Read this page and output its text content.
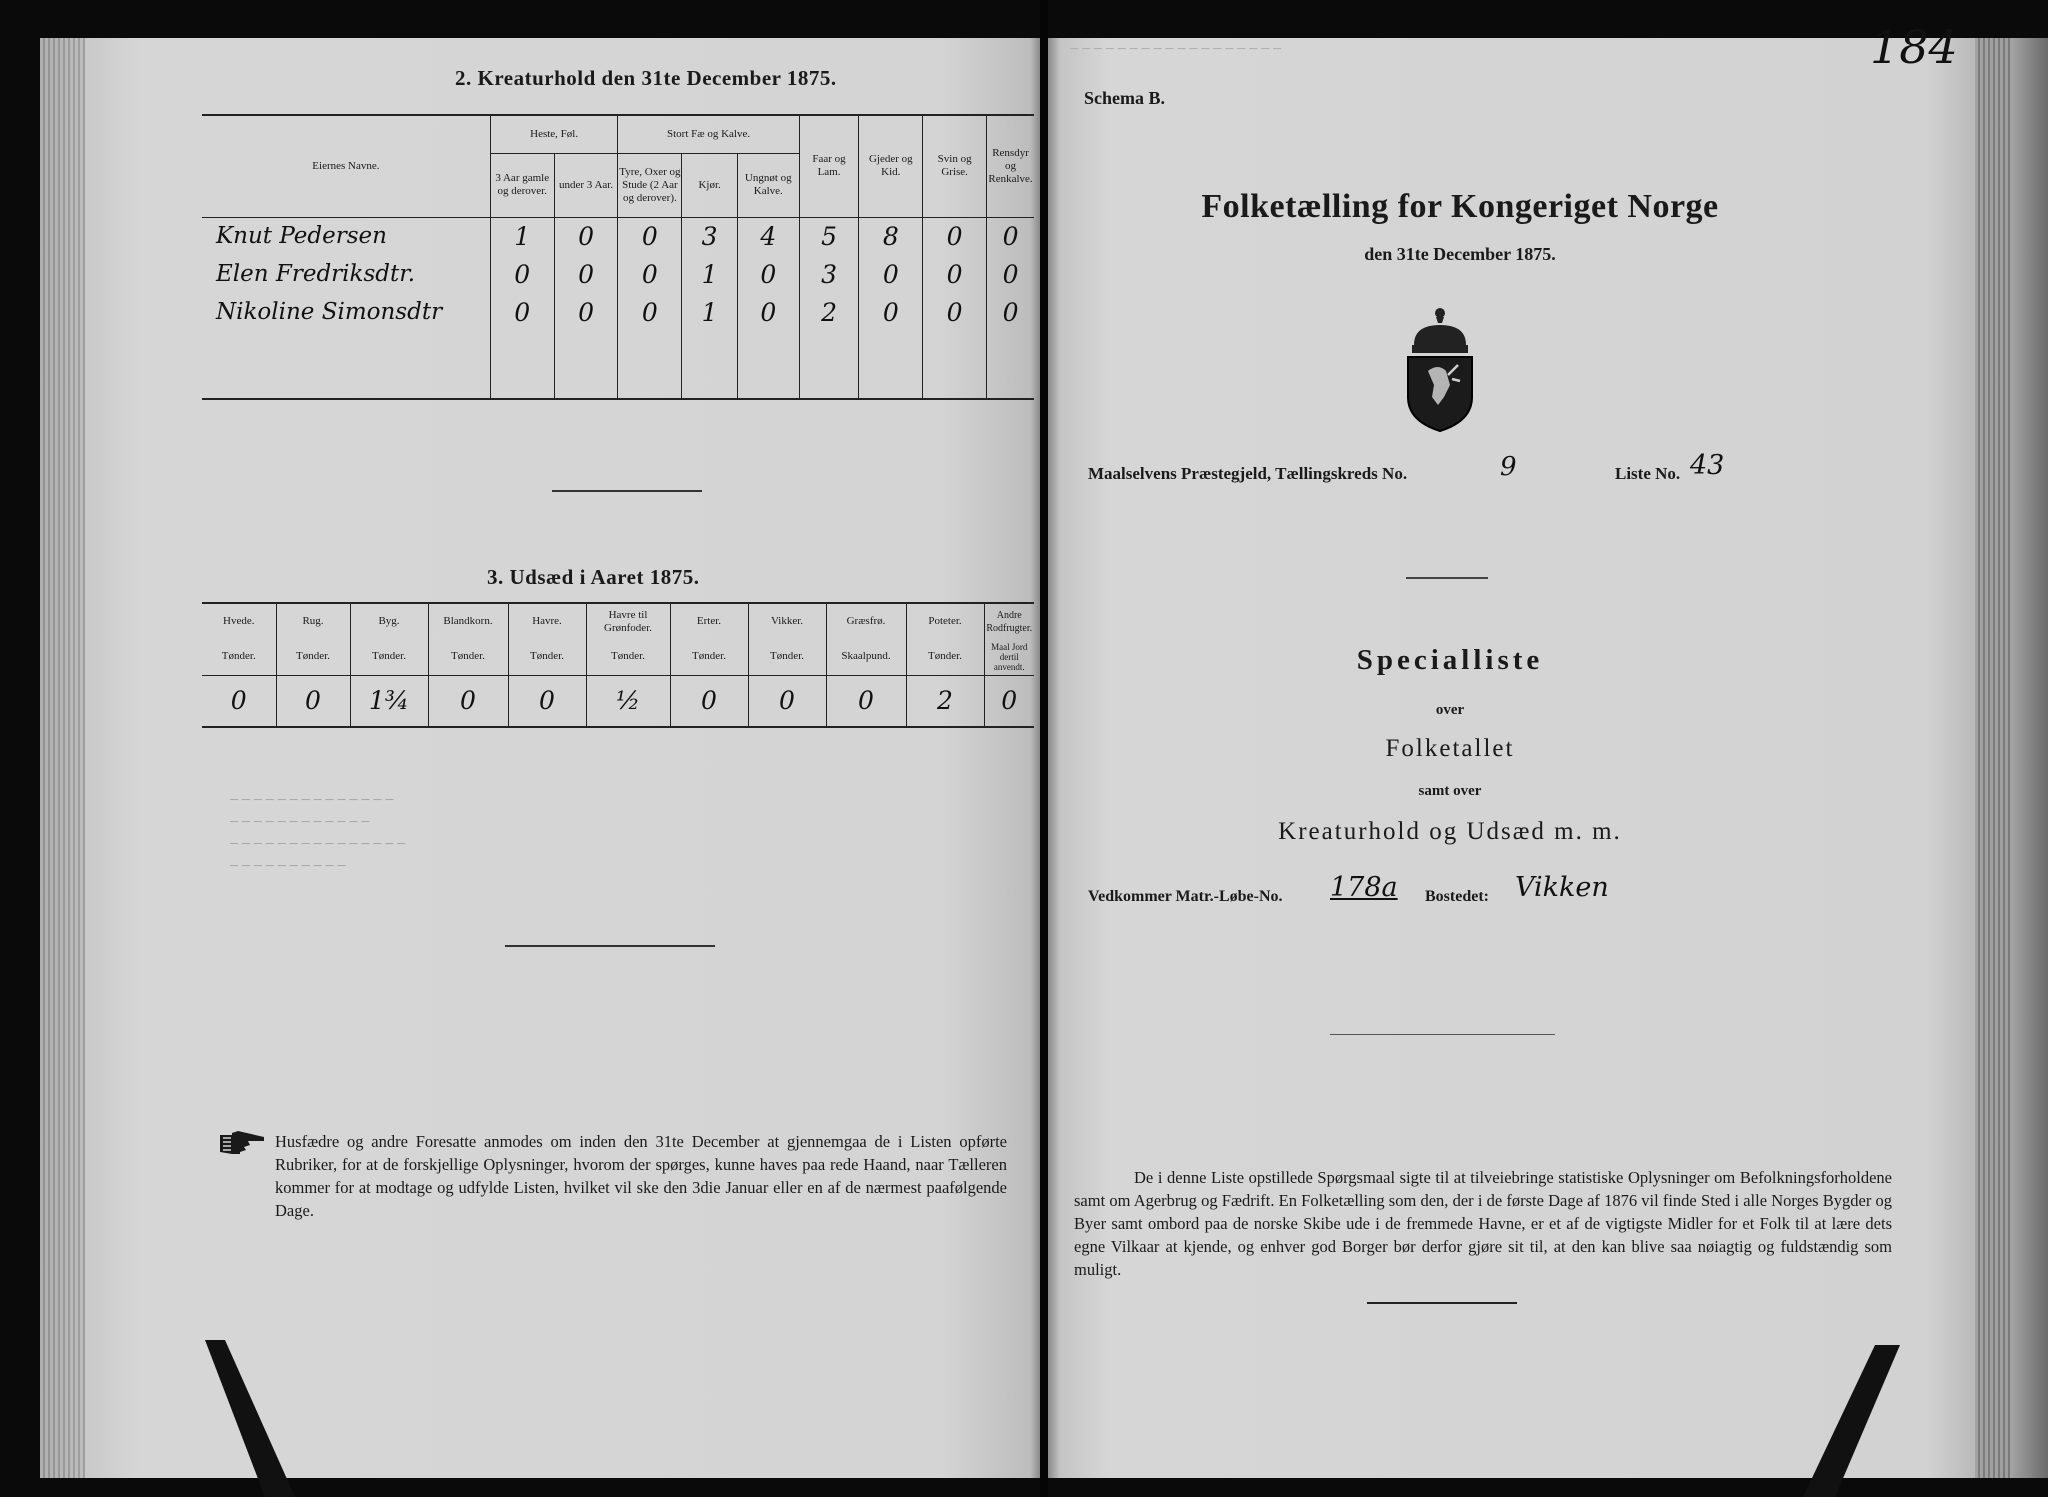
─ ─ ─ ─ ─ ─ ─ ─ ─ ─ ─ ─ ─ ─
─ ─ ─ ─ ─ ─ ─ ─ ─ ─ ─ ─
─ ─ ─ ─ ─ ─ ─ ─ ─ ─ ─ ─ ─ ─ ─
─ ─ ─ ─ ─ ─ ─ ─ ─ ─
2. Kreaturhold den 31te December 1875.
Eiernes Navne.	Heste, Føl.		Stort Fæ og Kalve.			Faar og Lam.	Gjeder og Kid.	Svin og Grise.	Rensdyr og Renkalve.
	3 Aar gamle og derover.	under 3 Aar.	Tyre, Oxer og Stude (2 Aar og derover).	Kjør.	Ungnøt og Kalve.				
Knut Pedersen	1	0	0	3	4	5	8	0	0
Elen Fredriksdtr.	0	0	0	1	0	3	0	0	0
Nikoline Simonsdtr	0	0	0	1	0	2	0	0	0

3. Udsæd i Aaret 1875.
Hvede.	Rug.	Byg.	Blandkorn.	Havre.	Havre til Grønfoder.	Erter.	Vikker.	Græsfrø.	Poteter.	Andre Rodfrugter.
Tønder.	Tønder.	Tønder.	Tønder.	Tønder.	Tønder.	Tønder.	Tønder.	Skaalpund.	Tønder.	Maal Jord dertil anvendt.
0	0	1¾	0	0	½	0	0	0	2	0
Husfædre og andre Foresatte anmodes om inden den 31te December at gjennemgaa de i Listen opførte Rubriker, for at de forskjellige Oplysninger, hvorom der spørges, kunne haves paa rede Haand, naar Tælleren kommer for at modtage og udfylde Listen, hvilket vil ske den 3die Januar eller en af de nærmest paafølgende Dage.
─ ─ ─ ─ ─ ─ ─ ─ ─ ─ ─ ─ ─ ─ ─ ─ ─ ─	184
Schema B.
Folketælling for Kongeriget Norge
den 31te December 1875.
Maalselvens Præstegjeld, Tællingskreds No.	9	Liste No. 43
Specialliste
over
Folketallet
samt over
Kreaturhold og Udsæd m. m.
Vedkommer Matr.-Løbe-No. 178a Bostedet: Vikken
De i denne Liste opstillede Spørgsmaal sigte til at tilveiebringe statistiske Oplysninger om Befolkningsforholdene samt om Agerbrug og Fædrift. En Folketælling som den, der i de første Dage af 1876 vil finde Sted i alle Norges Bygder og Byer samt ombord paa de norske Skibe ude i de fremmede Havne, er et af de vigtigste Midler for et Folk til at lære dets egne Vilkaar at kjende, og enhver god Borger bør derfor gjøre sit til, at den kan blive saa nøiagtig og fuldstændig som muligt.
